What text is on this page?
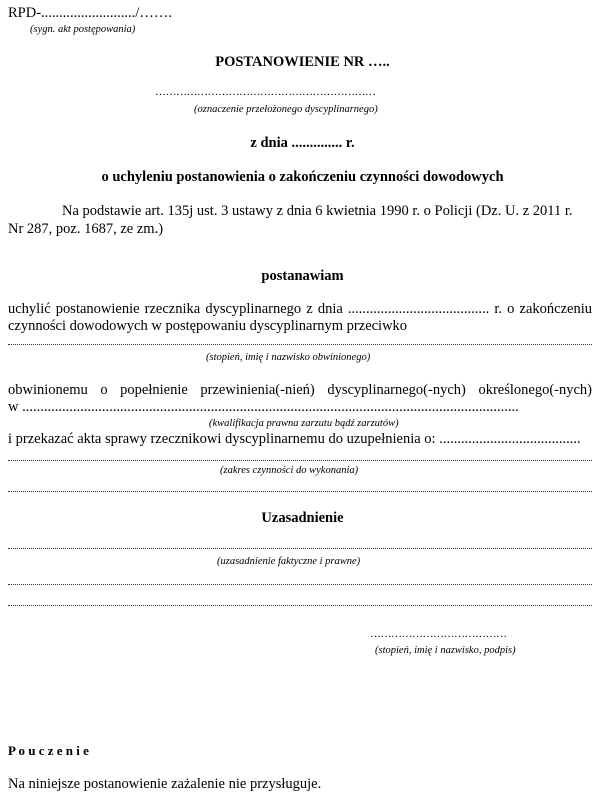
RPD-........................../…….
(sygn. akt postępowania)
POSTANOWIENIE NR …..
………………………………………………………
(oznaczenie przełożonego dyscyplinarnego)
z dnia .............. r.
o uchyleniu postanowienia o zakończeniu czynności dowodowych
Na podstawie art. 135j ust. 3 ustawy z dnia 6 kwietnia 1990 r. o Policji (Dz. U. z 2011 r.
Nr 287, poz. 1687, ze zm.)
postanawiam
uchylić postanowienie rzecznika dyscyplinarnego z dnia ....................................... r. o zakończeniu
czynności dowodowych w postępowaniu dyscyplinarnym przeciwko
(stopień, imię i nazwisko obwinionego)
obwinionemu o popełnienie przewinienia(-nień) dyscyplinarnego(-nych) określonego(-nych)
w .........................................................................................................................................
(kwalifikacja prawna zarzutu bądź zarzutów)
i przekazać akta sprawy rzecznikowi dyscyplinarnemu do uzupełnienia o: .......................................
(zakres czynności do wykonania)
Uzasadnienie
(uzasadnienie faktyczne i prawne)
…………………………………
(stopień, imię i nazwisko, podpis)
P o u c z e n i e
Na niniejsze postanowienie zażalenie nie przysługuje.
